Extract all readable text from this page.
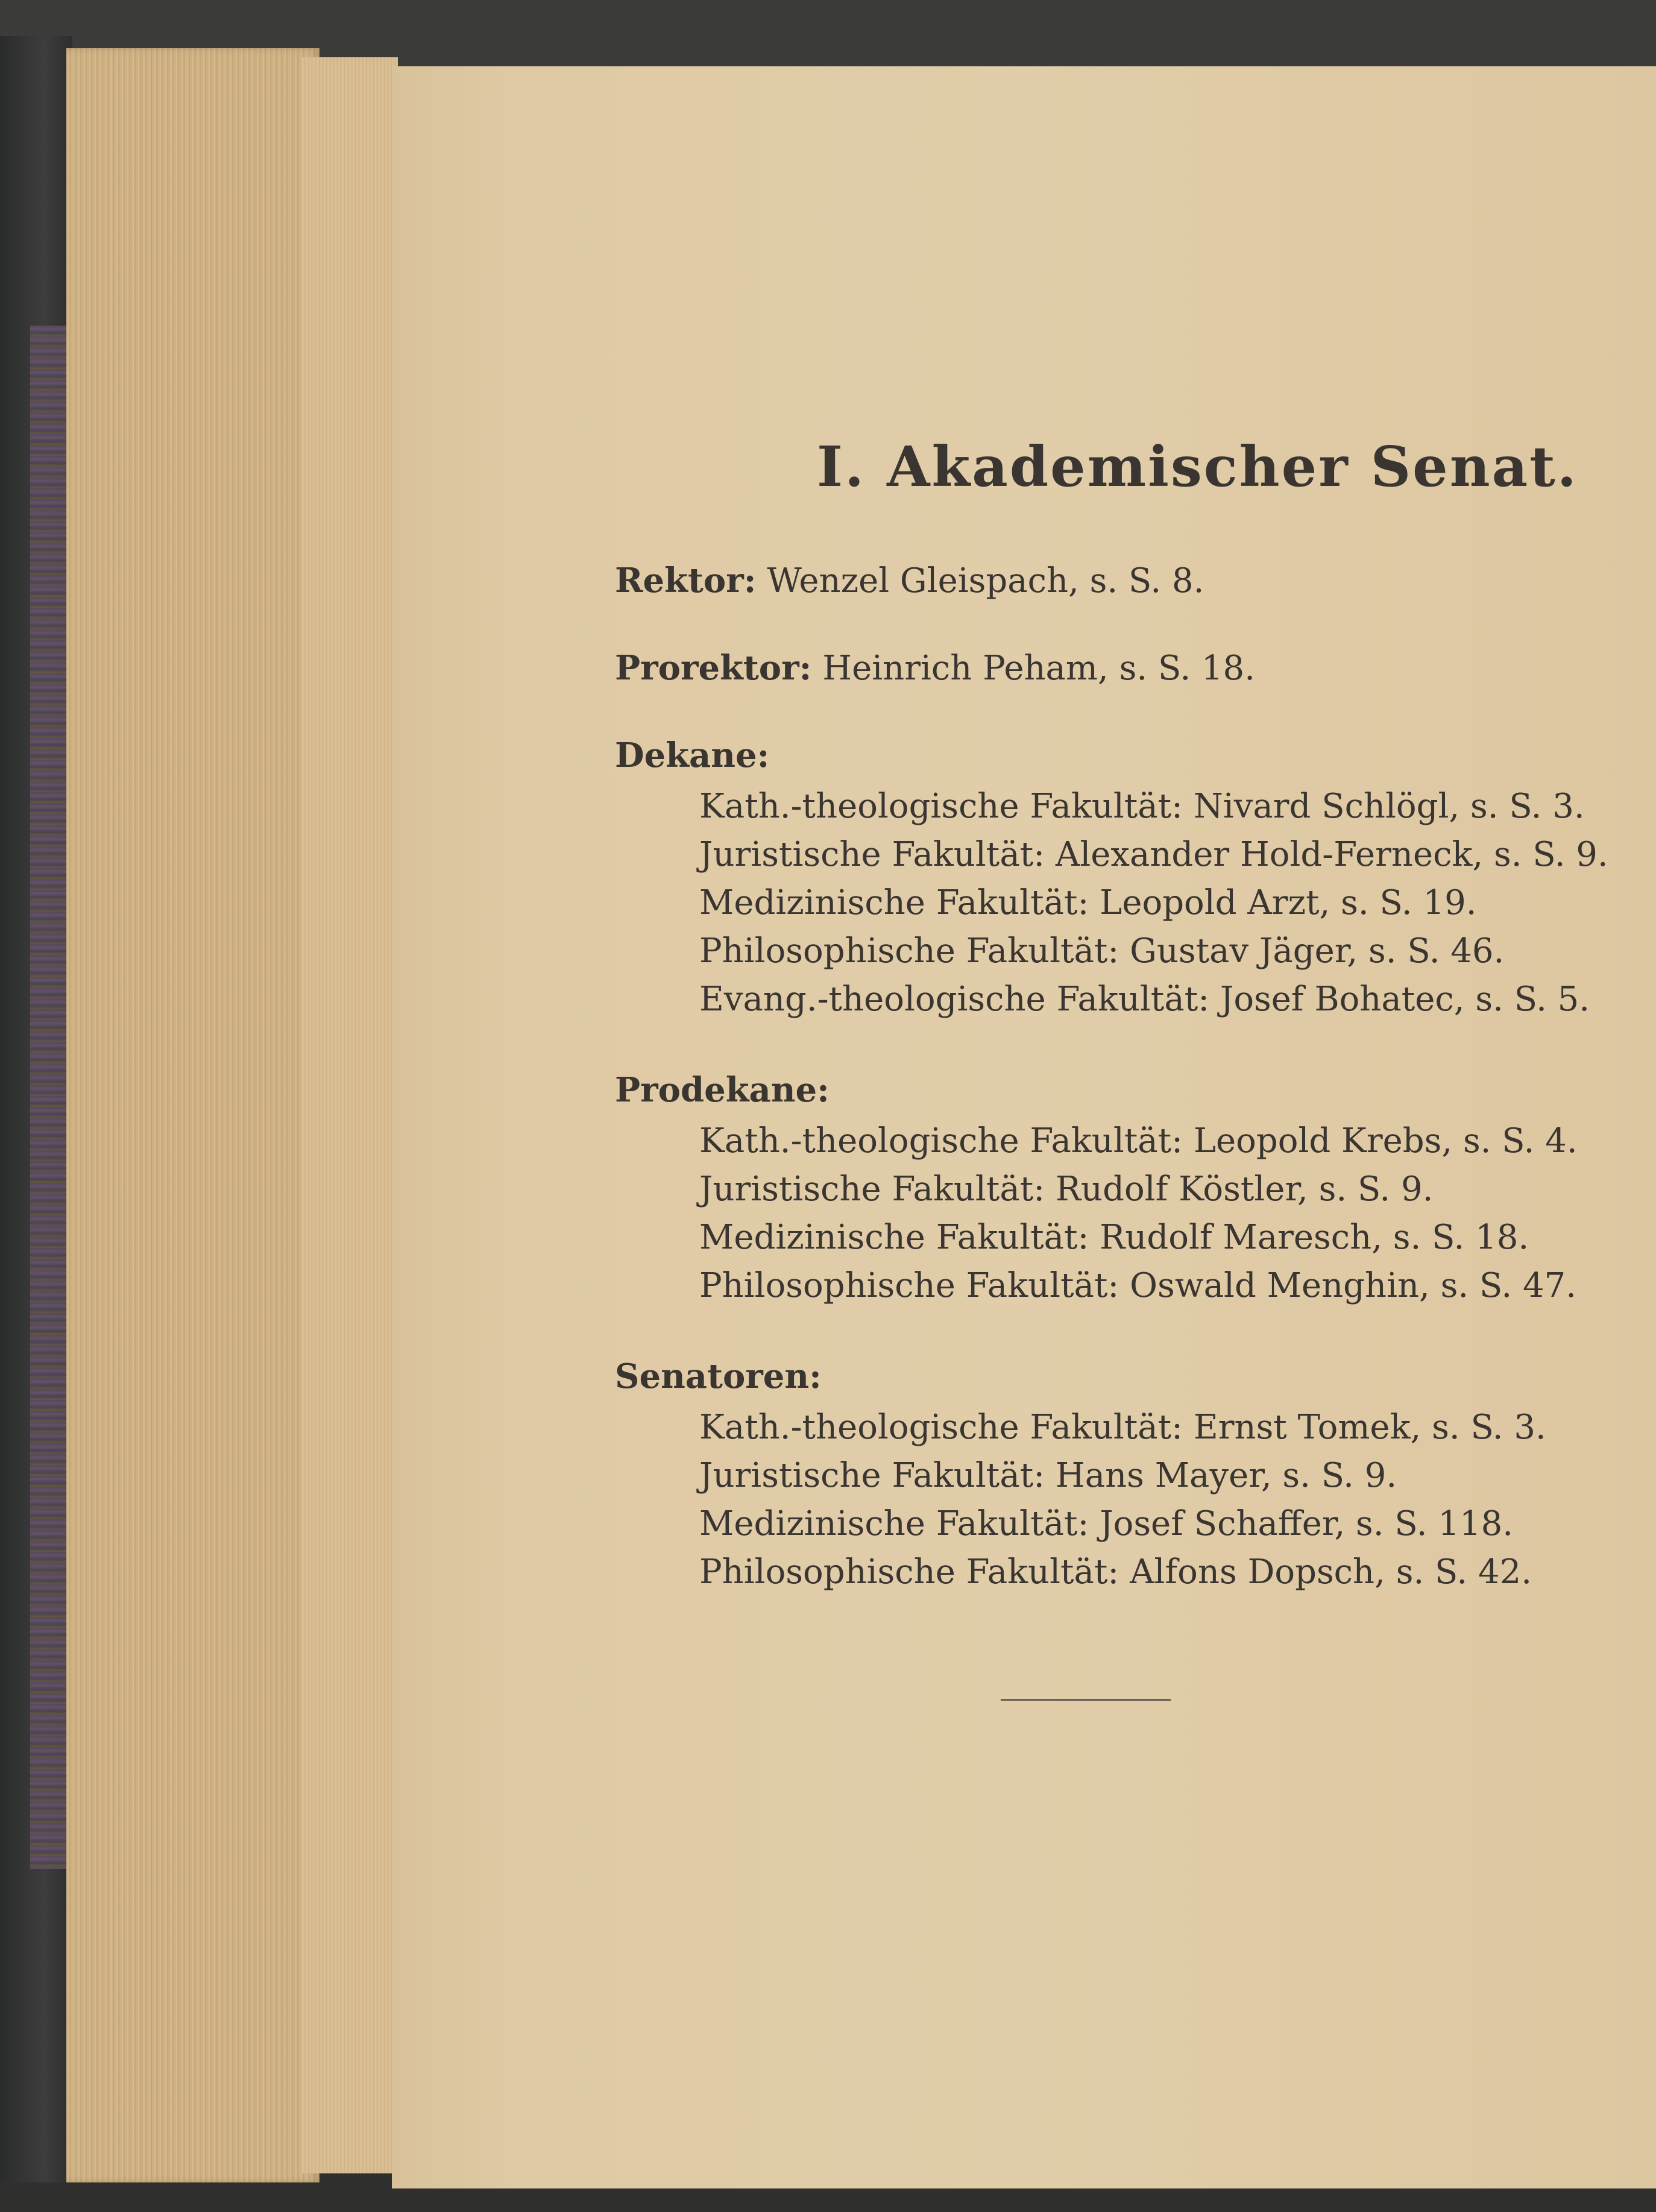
I. Akademischer Senat.
Rektor: Wenzel Gleispach, s. S. 8.
Prorektor: Heinrich Peham, s. S. 18.
Dekane:
Kath.-theologische Fakultät: Nivard Schlögl, s. S. 3.
Juristische Fakultät: Alexander Hold-Ferneck, s. S. 9.
Medizinische Fakultät: Leopold Arzt, s. S. 19.
Philosophische Fakultät: Gustav Jäger, s. S. 46.
Evang.-theologische Fakultät: Josef Bohatec, s. S. 5.
Prodekane:
Kath.-theologische Fakultät: Leopold Krebs, s. S. 4.
Juristische Fakultät: Rudolf Köstler, s. S. 9.
Medizinische Fakultät: Rudolf Maresch, s. S. 18.
Philosophische Fakultät: Oswald Menghin, s. S. 47.
Senatoren:
Kath.-theologische Fakultät: Ernst Tomek, s. S. 3.
Juristische Fakultät: Hans Mayer, s. S. 9.
Medizinische Fakultät: Josef Schaffer, s. S. 118.
Philosophische Fakultät: Alfons Dopsch, s. S. 42.
